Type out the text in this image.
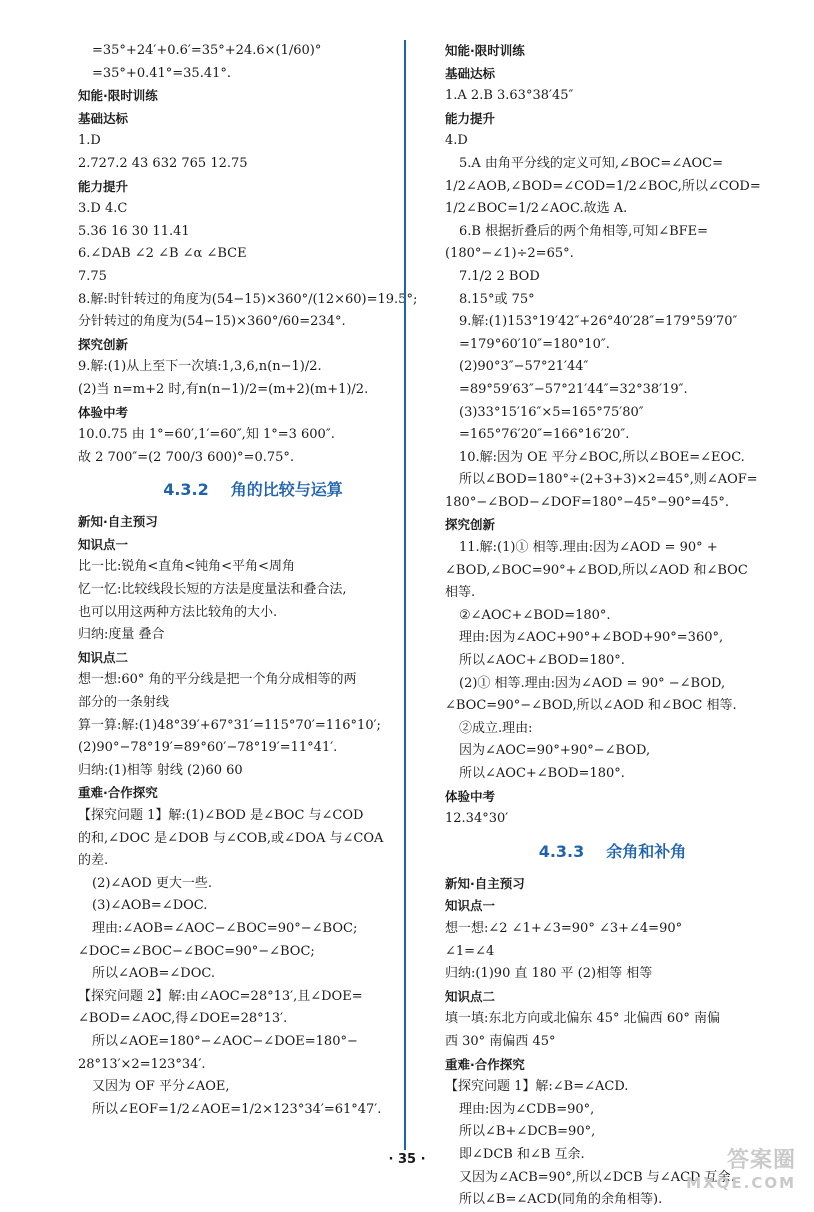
=35°+24′+0.6′=35°+24.6×(1/60)°
=35°+0.41°=35.41°.
知能·限时训练
基础达标
1.D
2.727.2 43 632 765 12.75
能力提升
3.D 4.C
5.36 16 30 11.41
6.∠DAB ∠2 ∠B ∠α ∠BCE
7.75
8.解:时针转过的角度为(54−15)×360°/(12×60)=19.5°;
分针转过的角度为(54−15)×360°/60=234°.
探究创新
9.解:(1)从上至下一次填:1,3,6,n(n−1)/2.
(2)当 n=m+2 时,有n(n−1)/2=(m+2)(m+1)/2.
体验中考
10.0.75 由 1°=60′,1′=60″,知 1°=3 600″.
故 2 700″=(2 700/3 600)°=0.75°.
4.3.2 角的比较与运算
新知·自主预习
知识点一
比一比:锐角<直角<钝角<平角<周角
忆一忆:比较线段长短的方法是度量法和叠合法,
也可以用这两种方法比较角的大小.
归纳:度量 叠合
知识点二
想一想:60° 角的平分线是把一个角分成相等的两
部分的一条射线
算一算:解:(1)48°39′+67°31′=115°70′=116°10′;
(2)90°−78°19′=89°60′−78°19′=11°41′.
归纳:(1)相等 射线 (2)60 60
重难·合作探究
【探究问题 1】解:(1)∠BOD 是∠BOC 与∠COD
的和,∠DOC 是∠DOB 与∠COB,或∠DOA 与∠COA
的差.
(2)∠AOD 更大一些.
(3)∠AOB=∠DOC.
理由:∠AOB=∠AOC−∠BOC=90°−∠BOC;
∠DOC=∠BOC−∠BOC=90°−∠BOC;
所以∠AOB=∠DOC.
【探究问题 2】解:由∠AOC=28°13′,且∠DOE=
∠BOD=∠AOC,得∠DOE=28°13′.
所以∠AOE=180°−∠AOC−∠DOE=180°−
28°13′×2=123°34′.
又因为 OF 平分∠AOE,
所以∠EOF=1/2∠AOE=1/2×123°34′=61°47′.
知能·限时训练
基础达标
1.A 2.B 3.63°38′45″
能力提升
4.D
5.A 由角平分线的定义可知,∠BOC=∠AOC=
1/2∠AOB,∠BOD=∠COD=1/2∠BOC,所以∠COD=
1/2∠BOC=1/2∠AOC.故选 A.
6.B 根据折叠后的两个角相等,可知∠BFE=
(180°−∠1)÷2=65°.
7.1/2 2 BOD
8.15°或 75°
9.解:(1)153°19′42″+26°40′28″=179°59′70″
=179°60′10″=180°10″.
(2)90°3″−57°21′44″
=89°59′63″−57°21′44″=32°38′19″.
(3)33°15′16″×5=165°75′80″
=165°76′20″=166°16′20″.
10.解:因为 OE 平分∠BOC,所以∠BOE=∠EOC.
所以∠BOD=180°÷(2+3+3)×2=45°,则∠AOF=
180°−∠BOD−∠DOF=180°−45°−90°=45°.
探究创新
11.解:(1)① 相等.理由:因为∠AOD = 90° +
∠BOD,∠BOC=90°+∠BOD,所以∠AOD 和∠BOC
相等.
②∠AOC+∠BOD=180°.
理由:因为∠AOC+90°+∠BOD+90°=360°,
所以∠AOC+∠BOD=180°.
(2)① 相等.理由:因为∠AOD = 90° −∠BOD,
∠BOC=90°−∠BOD,所以∠AOD 和∠BOC 相等.
②成立.理由:
因为∠AOC=90°+90°−∠BOD,
所以∠AOC+∠BOD=180°.
体验中考
12.34°30′
4.3.3 余角和补角
新知·自主预习
知识点一
想一想:∠2 ∠1+∠3=90° ∠3+∠4=90°
∠1=∠4
归纳:(1)90 直 180 平 (2)相等 相等
知识点二
填一填:东北方向或北偏东 45° 北偏西 60° 南偏
西 30° 南偏西 45°
重难·合作探究
【探究问题 1】解:∠B=∠ACD.
理由:因为∠CDB=90°,
所以∠B+∠DCB=90°,
即∠DCB 和∠B 互余.
又因为∠ACB=90°,所以∠DCB 与∠ACD 互余.
所以∠B=∠ACD(同角的余角相等).
· 35 ·	答案圈
MXQE.COM
